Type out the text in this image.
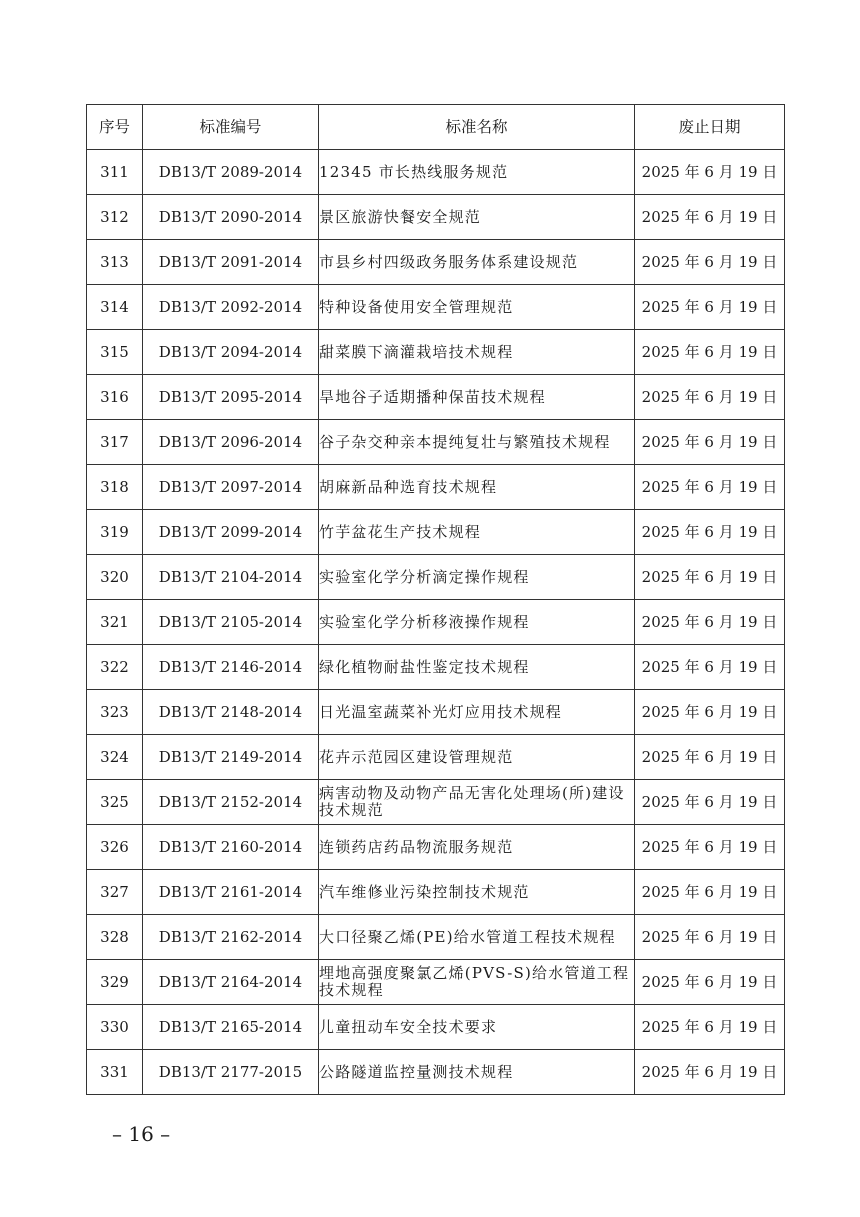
序号	标准编号	标准名称	废止日期
311	DB13/T 2089-2014	12345 市长热线服务规范	2025 年 6 月 19 日
312	DB13/T 2090-2014	景区旅游快餐安全规范	2025 年 6 月 19 日
313	DB13/T 2091-2014	市县乡村四级政务服务体系建设规范	2025 年 6 月 19 日
314	DB13/T 2092-2014	特种设备使用安全管理规范	2025 年 6 月 19 日
315	DB13/T 2094-2014	甜菜膜下滴灌栽培技术规程	2025 年 6 月 19 日
316	DB13/T 2095-2014	旱地谷子适期播种保苗技术规程	2025 年 6 月 19 日
317	DB13/T 2096-2014	谷子杂交种亲本提纯复壮与繁殖技术规程	2025 年 6 月 19 日
318	DB13/T 2097-2014	胡麻新品种选育技术规程	2025 年 6 月 19 日
319	DB13/T 2099-2014	竹芋盆花生产技术规程	2025 年 6 月 19 日
320	DB13/T 2104-2014	实验室化学分析滴定操作规程	2025 年 6 月 19 日
321	DB13/T 2105-2014	实验室化学分析移液操作规程	2025 年 6 月 19 日
322	DB13/T 2146-2014	绿化植物耐盐性鉴定技术规程	2025 年 6 月 19 日
323	DB13/T 2148-2014	日光温室蔬菜补光灯应用技术规程	2025 年 6 月 19 日
324	DB13/T 2149-2014	花卉示范园区建设管理规范	2025 年 6 月 19 日
325	DB13/T 2152-2014	病害动物及动物产品无害化处理场(所)建设技术规范	2025 年 6 月 19 日
326	DB13/T 2160-2014	连锁药店药品物流服务规范	2025 年 6 月 19 日
327	DB13/T 2161-2014	汽车维修业污染控制技术规范	2025 年 6 月 19 日
328	DB13/T 2162-2014	大口径聚乙烯(PE)给水管道工程技术规程	2025 年 6 月 19 日
329	DB13/T 2164-2014	埋地高强度聚氯乙烯(PVS-S)给水管道工程技术规程	2025 年 6 月 19 日
330	DB13/T 2165-2014	儿童扭动车安全技术要求	2025 年 6 月 19 日
331	DB13/T 2177-2015	公路隧道监控量测技术规程	2025 年 6 月 19 日
– 16 –
